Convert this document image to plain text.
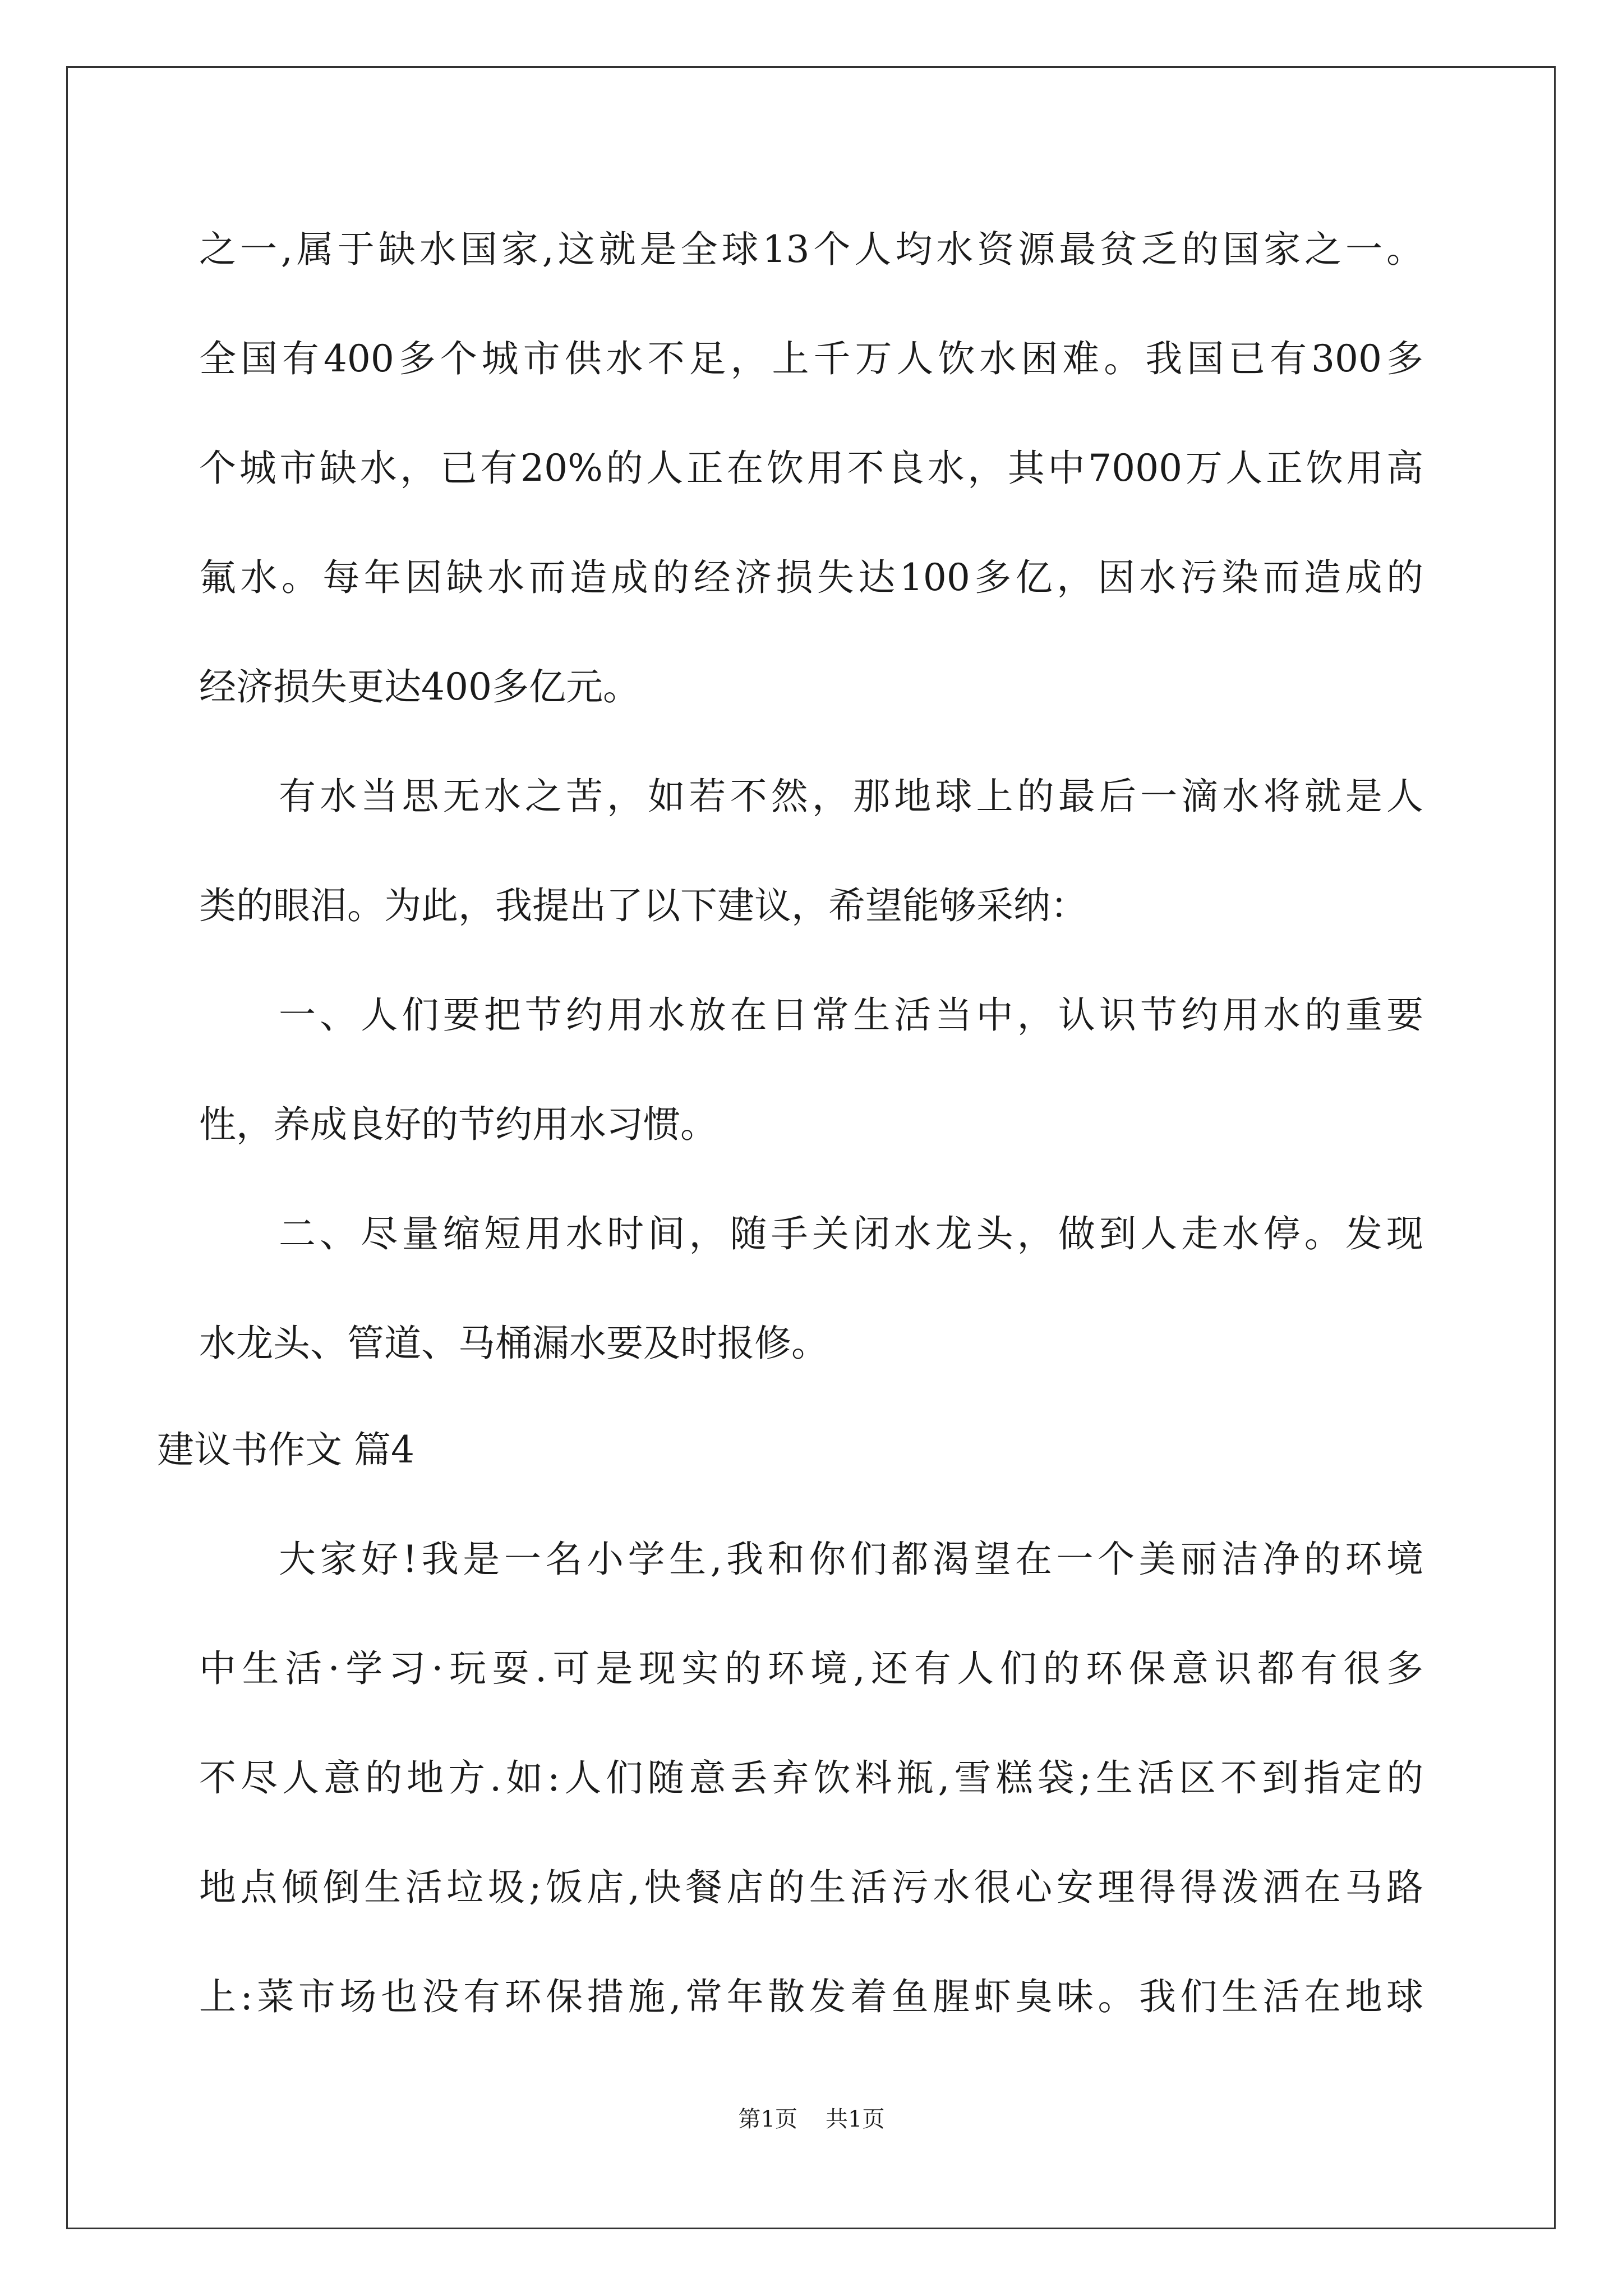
之一,属于缺水国家,这就是全球13个人均水资源最贫乏的国家之一。
全国有400多个城市供水不足，上千万人饮水困难。我国已有300多
个城市缺水，已有20%的人正在饮用不良水，其中7000万人正饮用高
氟水。每年因缺水而造成的经济损失达100多亿，因水污染而造成的
经济损失更达400多亿元。
有水当思无水之苦，如若不然，那地球上的最后一滴水将就是人
类的眼泪。为此，我提出了以下建议，希望能够采纳：
一、人们要把节约用水放在日常生活当中，认识节约用水的重要
性，养成良好的节约用水习惯。
二、尽量缩短用水时间，随手关闭水龙头，做到人走水停。发现
水龙头、管道、马桶漏水要及时报修。
建议书作文 篇4
大家好!我是一名小学生,我和你们都渴望在一个美丽洁净的环境
中生活·学习·玩耍.可是现实的环境,还有人们的环保意识都有很多
不尽人意的地方.如:人们随意丢弃饮料瓶,雪糕袋;生活区不到指定的
地点倾倒生活垃圾;饭店,快餐店的生活污水很心安理得得泼洒在马路
上:菜市场也没有环保措施,常年散发着鱼腥虾臭味。我们生活在地球
第1页 共1页
